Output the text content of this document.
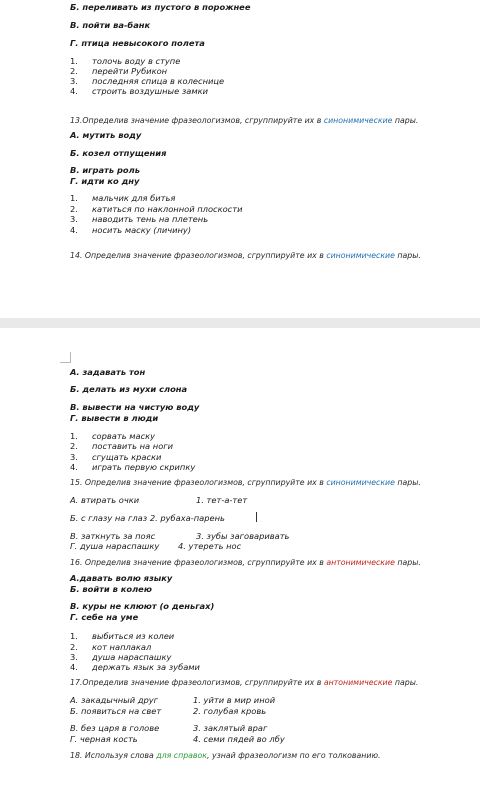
Б. переливать из пустого в порожнее
В. пойти ва-банк
Г. птица невысокого полета
1. толочь воду в ступе
2. перейти Рубикон
3. последняя спица в колеснице
4. строить воздушные замки
13.Определив значение фразеологизмов, сгруппируйте их в синонимические пары.
А. мутить воду
Б. козел отпущения
В. играть роль
Г. идти ко дну
1. мальчик для битья
2. катиться по наклонной плоскости
3. наводить тень на плетень
4. носить маску (личину)
14. Определив значение фразеологизмов, сгруппируйте их в синонимические пары.
А. задавать тон
Б. делать из мухи слона
В. вывести на чистую воду
Г. вывести в люди
1. сорвать маску
2. поставить на ноги
3. сгущать краски
4. играть первую скрипку
15. Определив значение фразеологизмов, сгруппируйте их в синонимические пары.
А. втирать очки	1. тет-а-тет
Б. с глазу на глаз 2. рубаха-парень
В. заткнуть за пояс	3. зубы заговаривать
Г. душа нараспашку 4. утереть нос
16. Определив значение фразеологизмов, сгруппируйте их в антонимические пары.
А.давать волю языку
Б. войти в колею
В. куры не клюют (о деньгах)
Г. себе на уме
1. выбиться из колеи
2. кот наплакал
3. душа нараспашку
4. держать язык за зубами
17.Определив значение фразеологизмов, сгруппируйте их в антонимические пары.
А. закадычный друг	1. уйти в мир иной
Б. появиться на свет	2. голубая кровь
В. без царя в голове	3. заклятый враг
Г. черная кость	4. семи пядей во лбу
18. Используя слова для справок, узнай фразеологизм по его толкованию.
